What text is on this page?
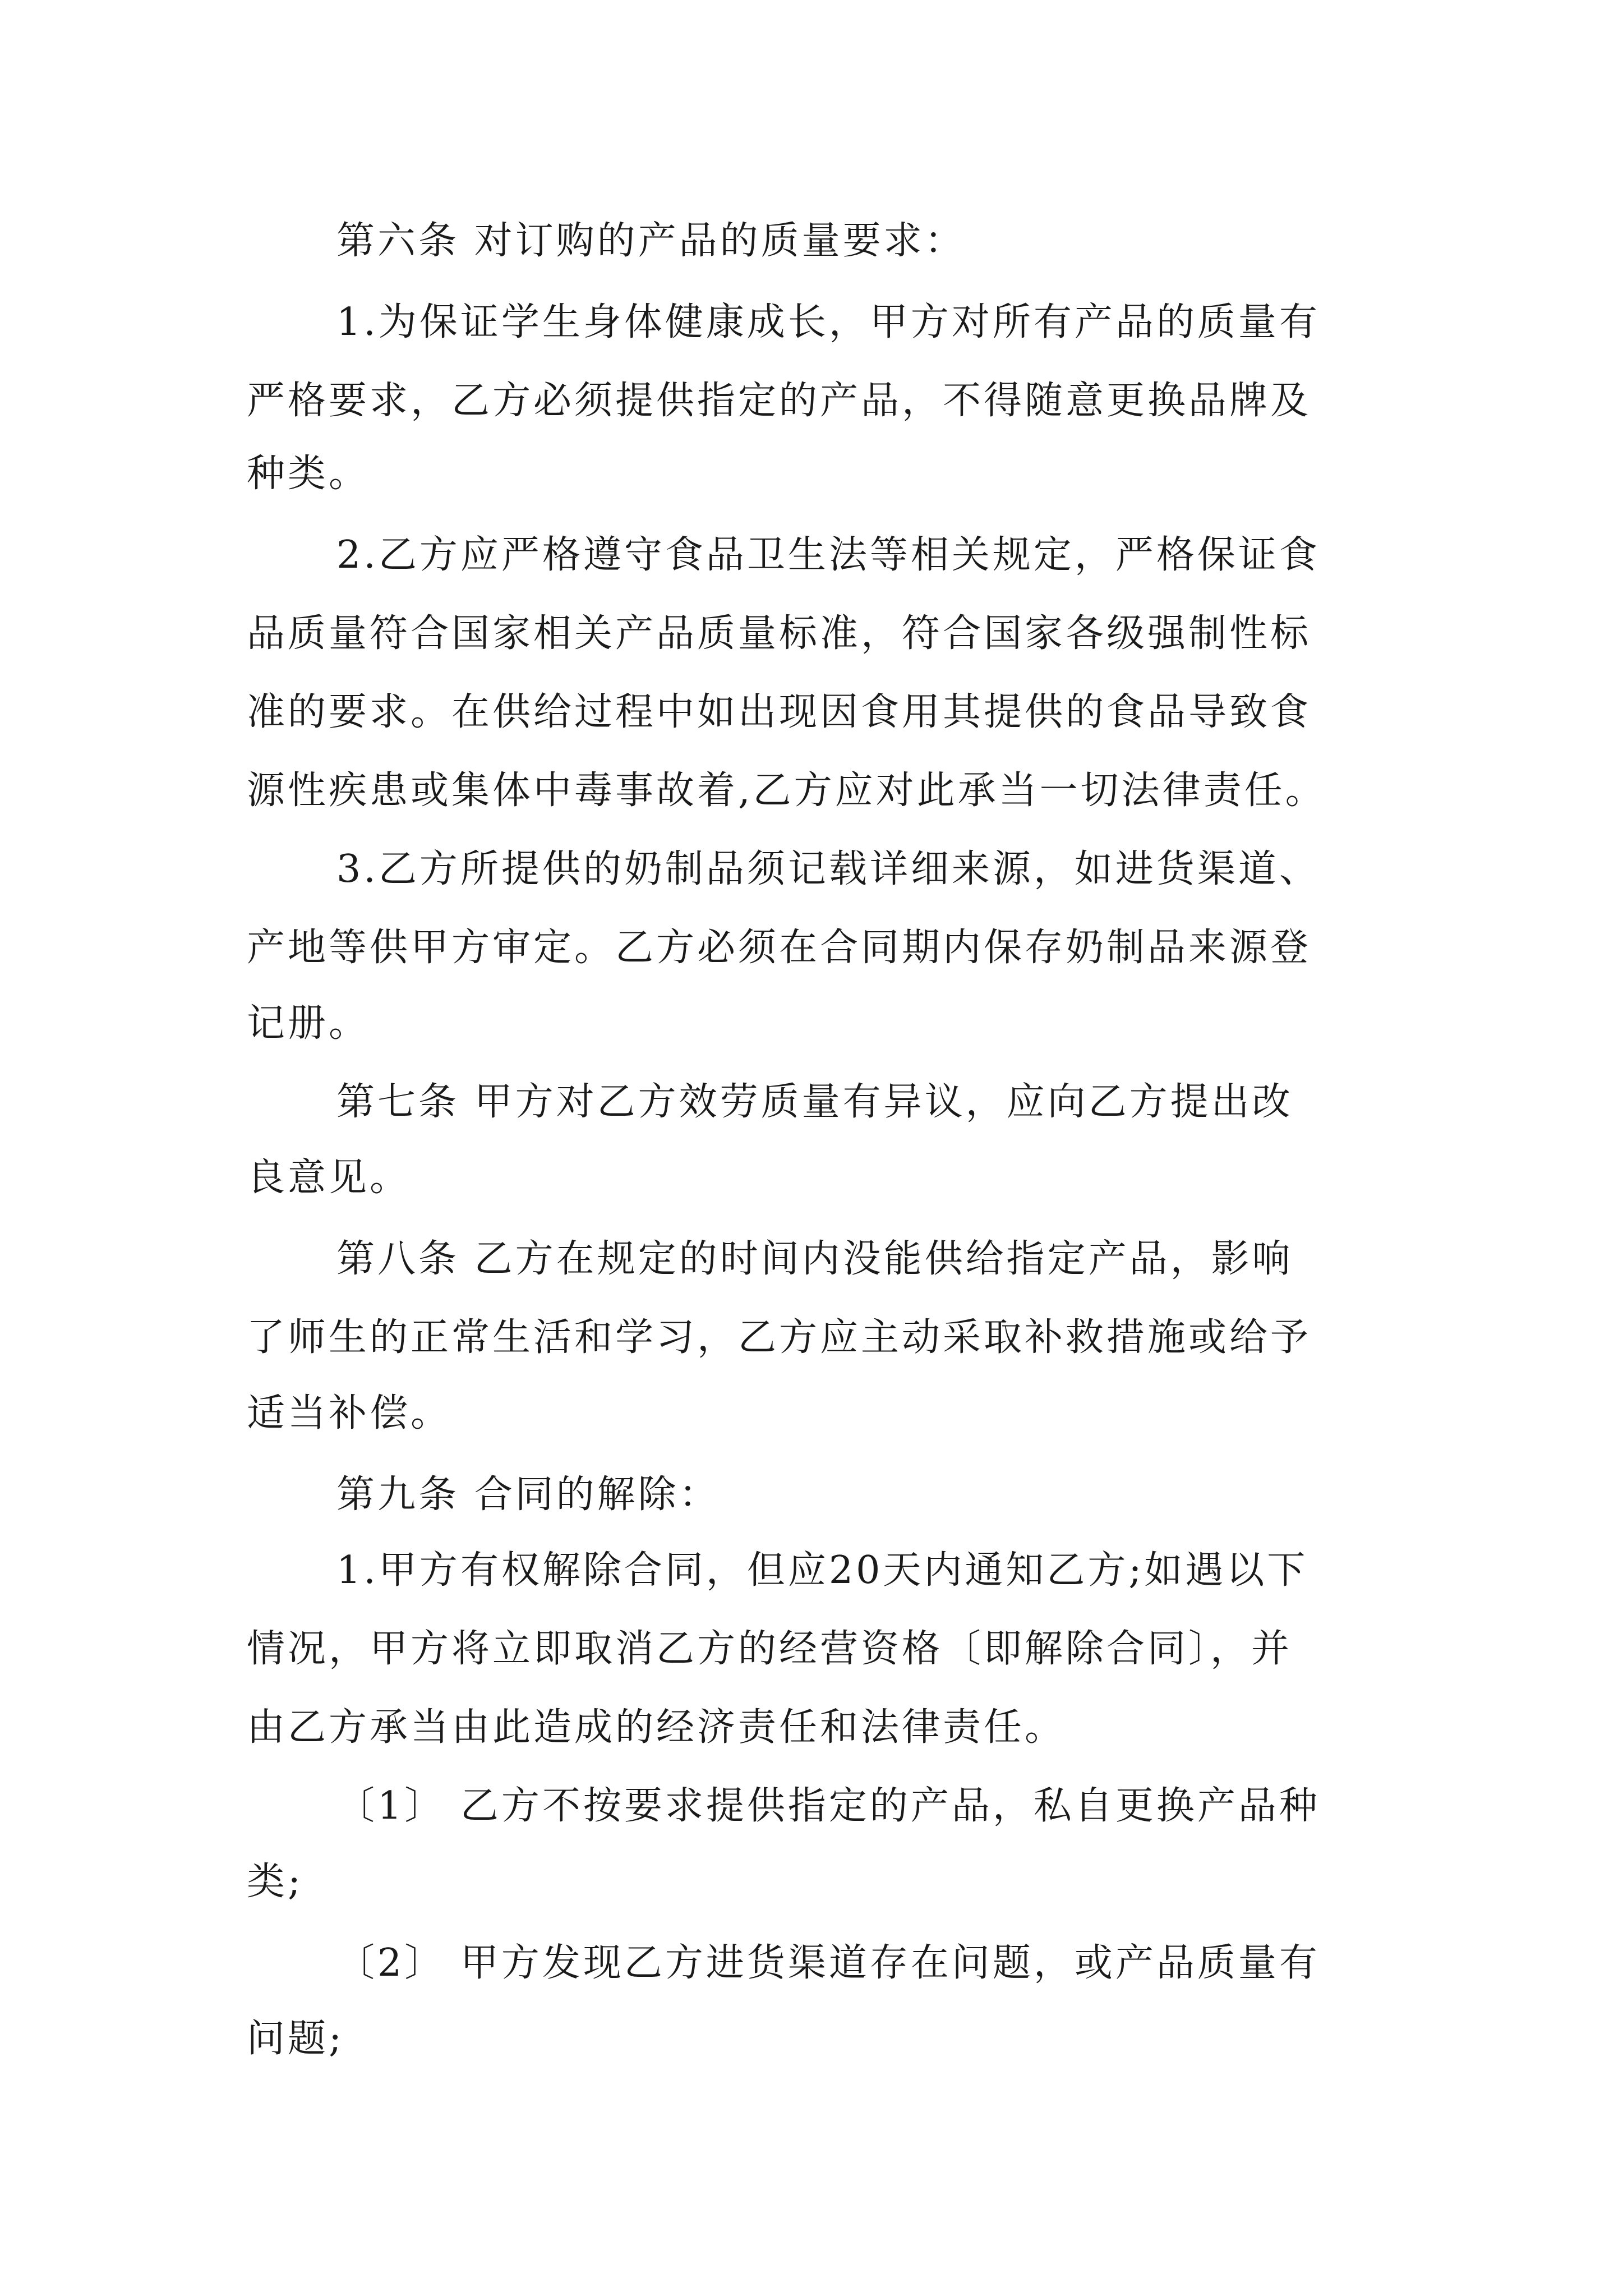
第六条 对订购的产品的质量要求：
1.为保证学生身体健康成长，甲方对所有产品的质量有
严格要求，乙方必须提供指定的产品，不得随意更换品牌及
种类。
2.乙方应严格遵守食品卫生法等相关规定，严格保证食
品质量符合国家相关产品质量标准，符合国家各级强制性标
准的要求。在供给过程中如出现因食用其提供的食品导致食
源性疾患或集体中毒事故着,乙方应对此承当一切法律责任。
3.乙方所提供的奶制品须记载详细来源，如进货渠道、
产地等供甲方审定。乙方必须在合同期内保存奶制品来源登
记册。
第七条 甲方对乙方效劳质量有异议，应向乙方提出改
良意见。
第八条 乙方在规定的时间内没能供给指定产品，影响
了师生的正常生活和学习，乙方应主动采取补救措施或给予
适当补偿。
第九条 合同的解除：
1.甲方有权解除合同，但应20天内通知乙方;如遇以下
情况，甲方将立即取消乙方的经营资格〔即解除合同〕，并
由乙方承当由此造成的经济责任和法律责任。
〔1〕 乙方不按要求提供指定的产品，私自更换产品种
类;
〔2〕 甲方发现乙方进货渠道存在问题，或产品质量有
问题;
